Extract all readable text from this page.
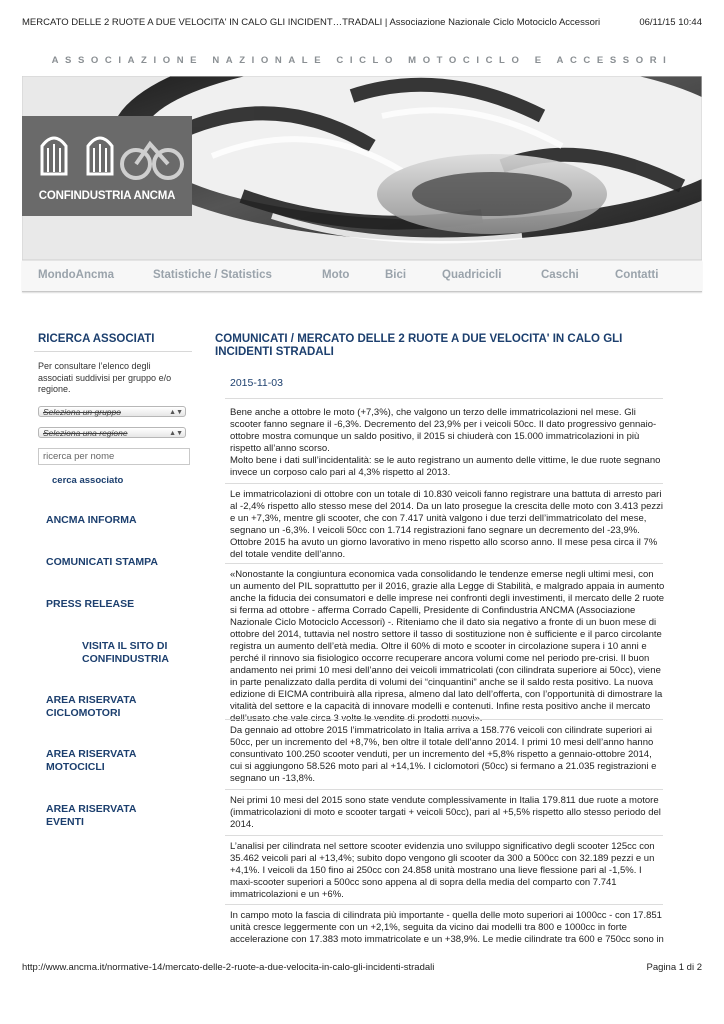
MERCATO DELLE 2 RUOTE A DUE VELOCITA' IN CALO GLI INCIDENT…TRADALI | Associazione Nazionale Ciclo Motociclo Accessori	06/11/15 10:44
ASSOCIAZIONE NAZIONALE CICLO MOTOCICLO E ACCESSORI
CONFINDUSTRIA ANCMA
MondoAncma	Statistiche / Statistics	Moto	Bici	Quadricicli	Caschi	Contatti
RICERCA ASSOCIATI
Per consultare l’elenco degli associati suddivisi per gruppo e/o regione.
Seleziona un gruppo	▲▼
Seleziona una regione	▲▼
ricerca per nome
cerca associato
ANCMA INFORMA
COMUNICATI STAMPA
PRESS RELEASE
VISITA IL SITO DI
CONFINDUSTRIA
AREA RISERVATA
CICLOMOTORI
AREA RISERVATA
MOTOCICLI
AREA RISERVATA
EVENTI
COMUNICATI / MERCATO DELLE 2 RUOTE A DUE VELOCITA' IN CALO GLI
INCIDENTI STRADALI
2015-11-03
Bene anche a ottobre le moto (+7,3%), che valgono un terzo delle immatricolazioni nel mese. Gli
scooter fanno segnare il -6,3%. Decremento del 23,9% per i veicoli 50cc. Il dato progressivo gennaio-
ottobre mostra comunque un saldo positivo, il 2015 si chiuderà con 15.000 immatricolazioni in più
rispetto all’anno scorso.
Molto bene i dati sull’incidentalità: se le auto registrano un aumento delle vittime, le due ruote segnano
invece un corposo calo pari al 4,3% rispetto al 2013.
Le immatricolazioni di ottobre con un totale di 10.830 veicoli fanno registrare una battuta di arresto pari
al -2,4% rispetto allo stesso mese del 2014. Da un lato prosegue la crescita delle moto con 3.413 pezzi
e un +7,3%, mentre gli scooter, che con 7.417 unità valgono i due terzi dell’immatricolato del mese,
segnano un -6,3%. I veicoli 50cc con 1.714 registrazioni fano segnare un decremento del -23,9%.
Ottobre 2015 ha avuto un giorno lavorativo in meno rispetto allo scorso anno. Il mese pesa circa il 7%
del totale vendite dell’anno.
«Nonostante la congiuntura economica vada consolidando le tendenze emerse negli ultimi mesi, con
un aumento del PIL soprattutto per il 2016, grazie alla Legge di Stabilità, e malgrado appaia in aumento
anche la fiducia dei consumatori e delle imprese nei confronti degli investimenti, il mercato delle 2 ruote
si ferma ad ottobre - afferma Corrado Capelli, Presidente di Confindustria ANCMA (Associazione
Nazionale Ciclo Motociclo Accessori) -. Riteniamo che il dato sia negativo a fronte di un buon mese di
ottobre del 2014, tuttavia nel nostro settore il tasso di sostituzione non è sufficiente e il parco circolante
registra un aumento dell’età media. Oltre il 60% di moto e scooter in circolazione supera i 10 anni e
perché il rinnovo sia fisiologico occorre recuperare ancora volumi come nel periodo pre-crisi. Il buon
andamento nei primi 10 mesi dell’anno dei veicoli immatricolati (con cilindrata superiore ai 50cc), viene
in parte penalizzato dalla perdita di volumi dei “cinquantini” anche se il saldo resta positivo. La nuova
edizione di EICMA contribuirà alla ripresa, almeno dal lato dell’offerta, con l’opportunità di dimostrare la
vitalità del settore e la capacità di innovare modelli e contenuti. Infine resta positivo anche il mercato
Da gennaio ad ottobre 2015 l’immatricolato in Italia arriva a 158.776 veicoli con cilindrate superiori ai
50cc, per un incremento del +8,7%, ben oltre il totale dell’anno 2014. I primi 10 mesi dell’anno hanno
consuntivato 100.250 scooter venduti, per un incremento del +5,8% rispetto a gennaio-ottobre 2014,
cui si aggiungono 58.526 moto pari al +14,1%. I ciclomotori (50cc) si fermano a 21.035 registrazioni e
segnano un -13,8%.
Nei primi 10 mesi del 2015 sono state vendute complessivamente in Italia 179.811 due ruote a motore
(immatricolazioni di moto e scooter targati + veicoli 50cc), pari al +5,5% rispetto allo stesso periodo del
2014.
L’analisi per cilindrata nel settore scooter evidenzia uno sviluppo significativo degli scooter 125cc con
35.462 veicoli pari al +13,4%; subito dopo vengono gli scooter da 300 a 500cc con 32.189 pezzi e un
+4,1%. I veicoli da 150 fino ai 250cc con 24.858 unità mostrano una lieve flessione pari al -1,5%. I
maxi-scooter superiori a 500cc sono appena al di sopra della media del comparto con 7.741
immatricolazioni e un +6%.
In campo moto la fascia di cilindrata più importante - quella delle moto superiori ai 1000cc - con 17.851
unità cresce leggermente con un +2,1%, seguita da vicino dai modelli tra 800 e 1000cc in forte
accelerazione con 17.383 moto immatricolate e un +38,9%. Le medie cilindrate tra 600 e 750cc sono in
http://www.ancma.it/normative-14/mercato-delle-2-ruote-a-due-velocita-in-calo-gli-incidenti-stradali	Pagina 1 di 2
